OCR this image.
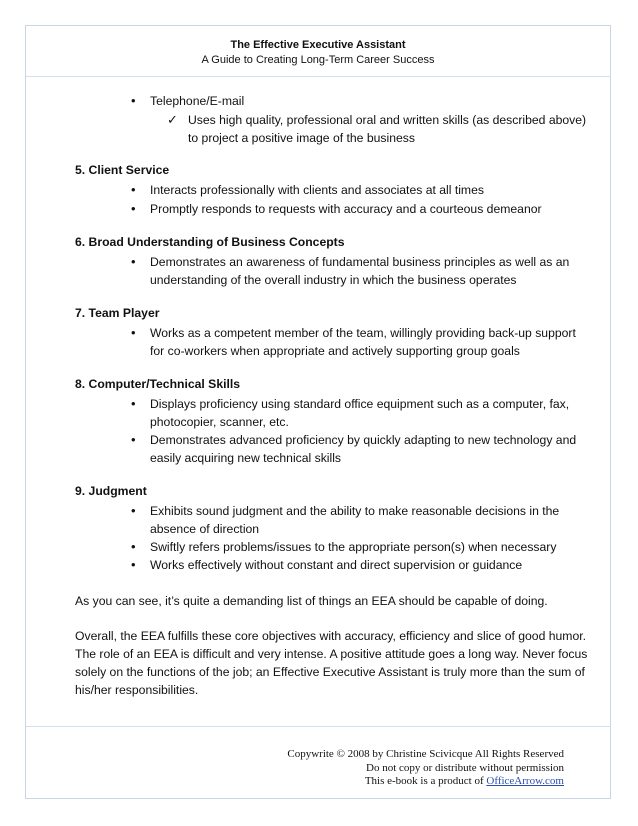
The Effective Executive Assistant
A Guide to Creating Long-Term Career Success
Copywrite © 2008 by Christine Scivicque All Rights Reserved
Do not copy or distribute without permission
This e-book is a product of OfficeArrow.com
•	Telephone/E-mail
✓ Uses high quality, professional oral and written skills (as described above)
to project a positive image of the business
5. Client Service
•	Interacts professionally with clients and associates at all times
•	Promptly responds to requests with accuracy and a courteous demeanor
6. Broad Understanding of Business Concepts
•	Demonstrates an awareness of fundamental business principles as well as an
understanding of the overall industry in which the business operates
7. Team Player
•	Works as a competent member of the team, willingly providing back-up support
for co-workers when appropriate and actively supporting group goals
8. Computer/Technical Skills
•	Displays proficiency using standard office equipment such as a computer, fax,
photocopier, scanner, etc.
•	Demonstrates advanced proficiency by quickly adapting to new technology and
easily acquiring new technical skills
9. Judgment
•	Exhibits sound judgment and the ability to make reasonable decisions in the
absence of direction
•	Swiftly refers problems/issues to the appropriate person(s) when necessary
•	Works effectively without constant and direct supervision or guidance
As you can see, it’s quite a demanding list of things an EEA should be capable of doing.
Overall, the EEA fulfills these core objectives with accuracy, efficiency and slice of good humor.
The role of an EEA is difficult and very intense. A positive attitude goes a long way. Never focus
solely on the functions of the job; an Effective Executive Assistant is truly more than the sum of
his/her responsibilities.
